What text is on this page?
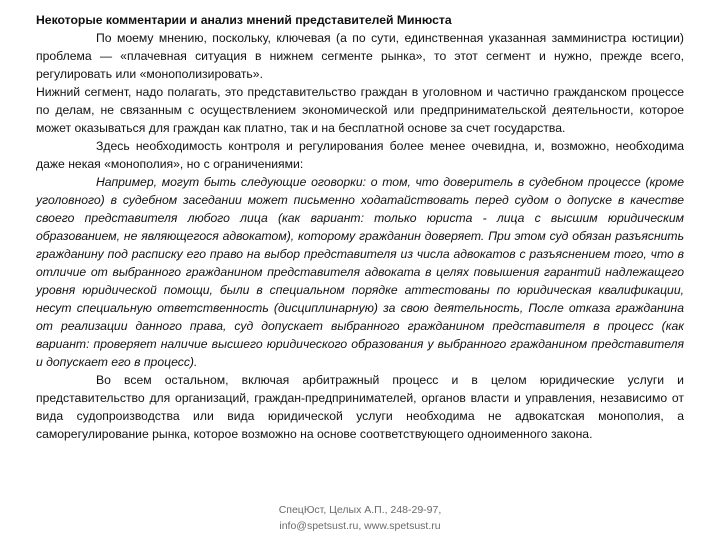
Некоторые комментарии и анализ мнений представителей Минюста

По моему мнению, поскольку, ключевая (а по сути, единственная указанная замминистра юстиции) проблема — «плачевная ситуация в нижнем сегменте рынка», то этот сегмент и нужно, прежде всего, регулировать или «монополизировать».

Нижний сегмент, надо полагать, это представительство граждан в уголовном и частично гражданском процессе по делам, не связанным с осуществлением экономической или предпринимательской деятельности, которое может оказываться для граждан как платно, так и на бесплатной основе за счет государства.

Здесь необходимость контроля и регулирования более менее очевидна, и, возможно, необходима даже некая «монополия», но с ограничениями:

Например, могут быть следующие оговорки: о том, что доверитель в судебном процессе (кроме уголовного) в судебном заседании может письменно ходатайствовать перед судом о допуске в качестве своего представителя любого лица (как вариант: только юриста - лица с высшим юридическим образованием, не являющегося адвокатом), которому гражданин доверяет. При этом суд обязан разъяснить гражданину под расписку его право на выбор представителя из числа адвокатов с разъяснением того, что в отличие от выбранного гражданином представителя адвоката в целях повышения гарантий надлежащего уровня юридической помощи, были в специальном порядке аттестованы по юридическая квалификации, несут специальную ответственность (дисциплинарную) за свою деятельность, После отказа гражданина от реализации данного права, суд допускает выбранного гражданином представителя в процесс (как вариант: проверяет наличие высшего юридического образования у выбранного гражданином представителя и допускает его в процесс).

Во всем остальном, включая арбитражный процесс и в целом юридические услуги и представительство для организаций, граждан-предпринимателей, органов власти и управления, независимо от вида судопроизводства или вида юридической услуги необходима не адвокатская монополия, а саморегулирование рынка, которое возможно на основе соответствующего одноименного закона.

СпецЮст, Целых А.П., 248-29-97,
info@spetsust.ru, www.spetsust.ru
